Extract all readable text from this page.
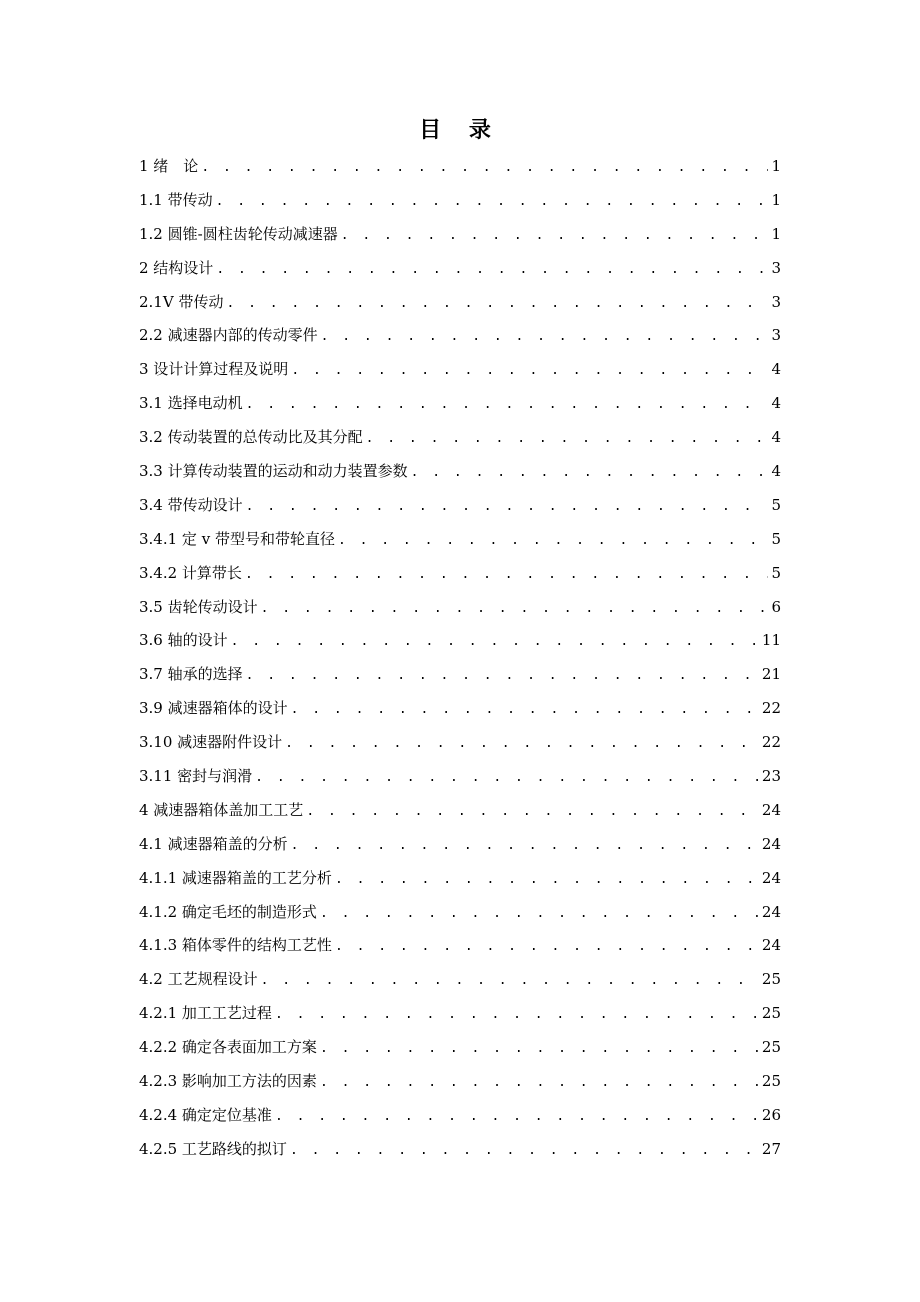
目 录
1 绪　论 . . .	1
1.1 带传动 . . .	1
1.2 圆锥-圆柱齿轮传动减速器 . . .	1
2 结构设计 . . .	3
2.1V 带传动 . . .	3
2.2 减速器内部的传动零件 . . .	3
3 设计计算过程及说明 . . .	4
3.1 选择电动机 . . .	4
3.2 传动装置的总传动比及其分配 . . .	4
3.3 计算传动装置的运动和动力装置参数 . . .	4
3.4 带传动设计 . . .	5
3.4.1 定 v 带型号和带轮直径 . . .	5
3.4.2 计算带长 . . .	5
3.5 齿轮传动设计 . . .	6
3.6 轴的设计 . . .	11
3.7 轴承的选择 . . .	21
3.9 减速器箱体的设计 . . .	22
3.10 减速器附件设计 . . .	22
3.11 密封与润滑 . . .	23
4 减速器箱体盖加工工艺 . . .	24
4.1 减速器箱盖的分析 . . .	24
4.1.1 减速器箱盖的工艺分析 . . .	24
4.1.2 确定毛坯的制造形式 . . .	24
4.1.3 箱体零件的结构工艺性 . . .	24
4.2 工艺规程设计 . . .	25
4.2.1 加工工艺过程 . . .	25
4.2.2 确定各表面加工方案 . . .	25
4.2.3 影响加工方法的因素 . . .	25
4.2.4 确定定位基准 . . .	26
4.2.5 工艺路线的拟订 . . .	27
